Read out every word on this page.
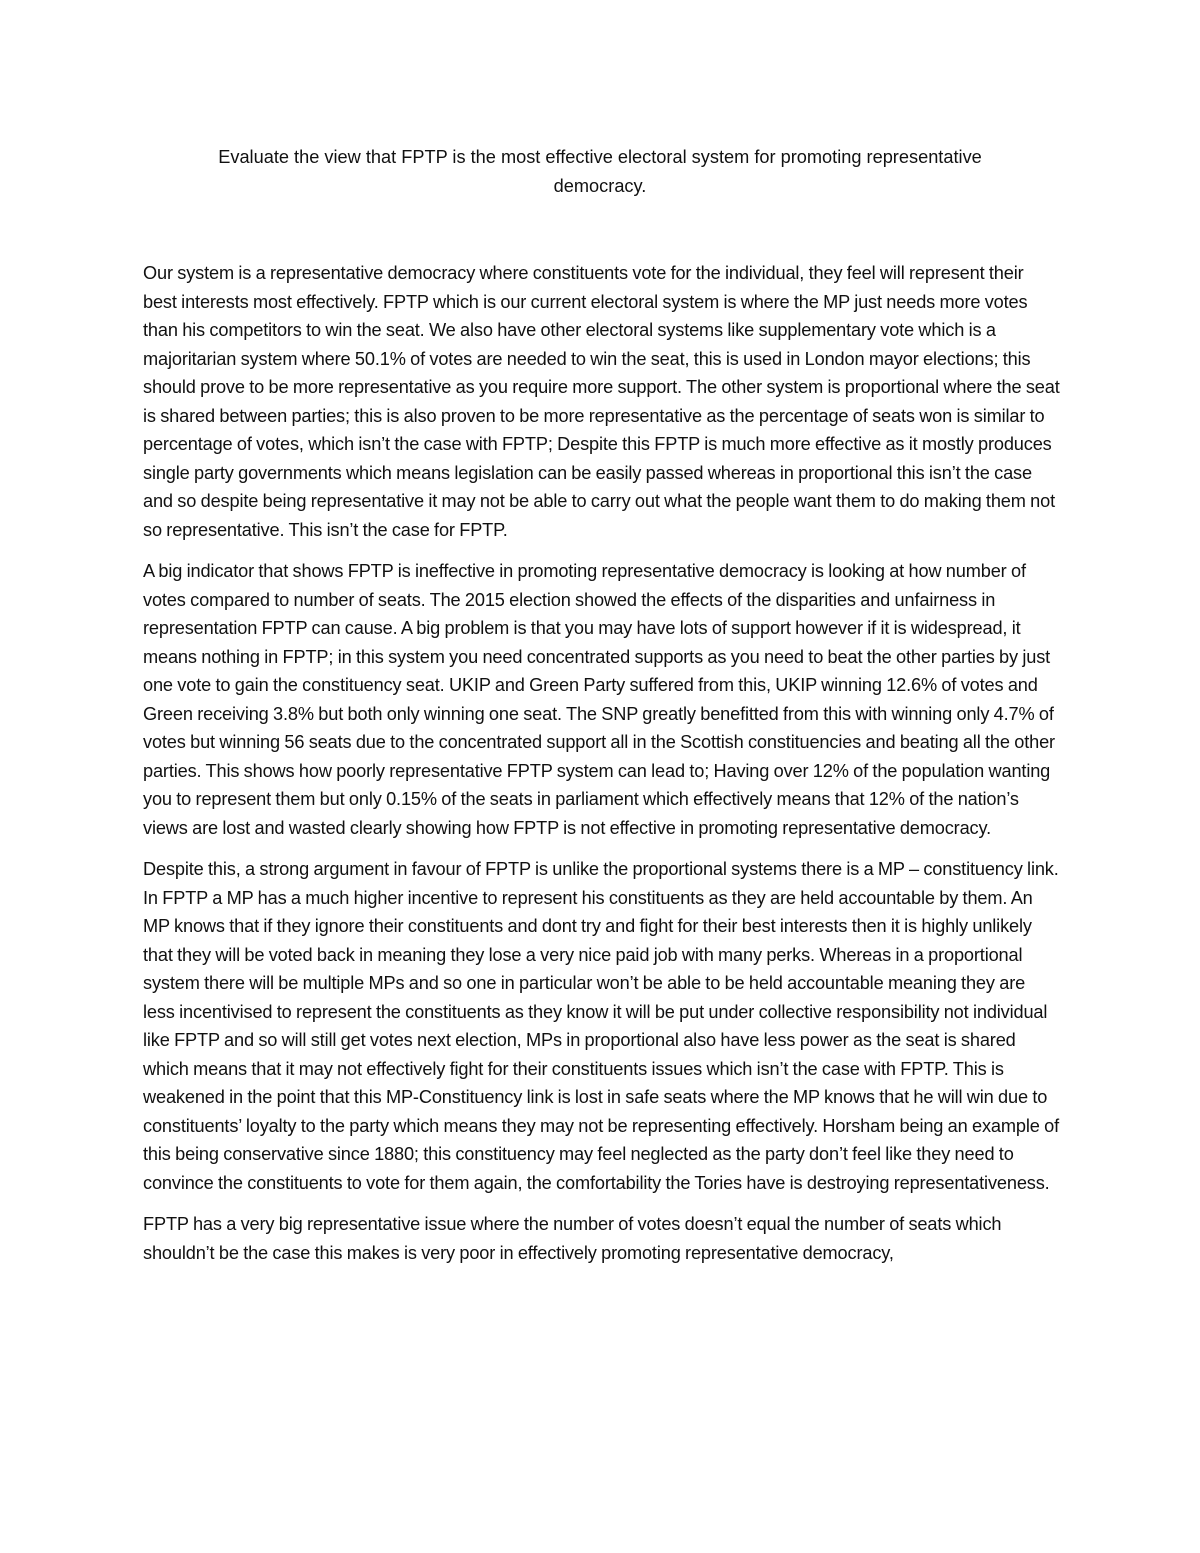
Evaluate the view that FPTP is the most effective electoral system for promoting representative
democracy.

Our system is a representative democracy where constituents vote for the individual, they feel will represent their best interests most effectively. FPTP which is our current electoral system is where the MP just needs more votes than his competitors to win the seat. We also have other electoral systems like supplementary vote which is a majoritarian system where 50.1% of votes are needed to win the seat, this is used in London mayor elections; this should prove to be more representative as you require more support. The other system is proportional where the seat is shared between parties; this is also proven to be more representative as the percentage of seats won is similar to percentage of votes, which isn’t the case with FPTP; Despite this FPTP is much more effective as it mostly produces single party governments which means legislation can be easily passed whereas in proportional this isn’t the case and so despite being representative it may not be able to carry out what the people want them to do making them not so representative. This isn’t the case for FPTP.

A big indicator that shows FPTP is ineffective in promoting representative democracy is looking at how number of votes compared to number of seats. The 2015 election showed the effects of the disparities and unfairness in representation FPTP can cause. A big problem is that you may have lots of support however if it is widespread, it means nothing in FPTP; in this system you need concentrated supports as you need to beat the other parties by just one vote to gain the constituency seat. UKIP and Green Party suffered from this, UKIP winning 12.6% of votes and Green receiving 3.8% but both only winning one seat. The SNP greatly benefitted from this with winning only 4.7% of votes but winning 56 seats due to the concentrated support all in the Scottish constituencies and beating all the other parties. This shows how poorly representative FPTP system can lead to; Having over 12% of the population wanting you to represent them but only 0.15% of the seats in parliament which effectively means that 12% of the nation’s views are lost and wasted clearly showing how FPTP is not effective in promoting representative democracy.

Despite this, a strong argument in favour of FPTP is unlike the proportional systems there is a MP – constituency link. In FPTP a MP has a much higher incentive to represent his constituents as they are held accountable by them. An MP knows that if they ignore their constituents and dont try and fight for their best interests then it is highly unlikely that they will be voted back in meaning they lose a very nice paid job with many perks. Whereas in a proportional system there will be multiple MPs and so one in particular won’t be able to be held accountable meaning they are less incentivised to represent the constituents as they know it will be put under collective responsibility not individual like FPTP and so will still get votes next election, MPs in proportional also have less power as the seat is shared which means that it may not effectively fight for their constituents issues which isn’t the case with FPTP. This is weakened in the point that this MP-Constituency link is lost in safe seats where the MP knows that he will win due to constituents’ loyalty to the party which means they may not be representing effectively. Horsham being an example of this being conservative since 1880; this constituency may feel neglected as the party don’t feel like they need to convince the constituents to vote for them again, the comfortability the Tories have is destroying representativeness.

FPTP has a very big representative issue where the number of votes doesn’t equal the number of seats which shouldn’t be the case this makes is very poor in effectively promoting representative democracy,
